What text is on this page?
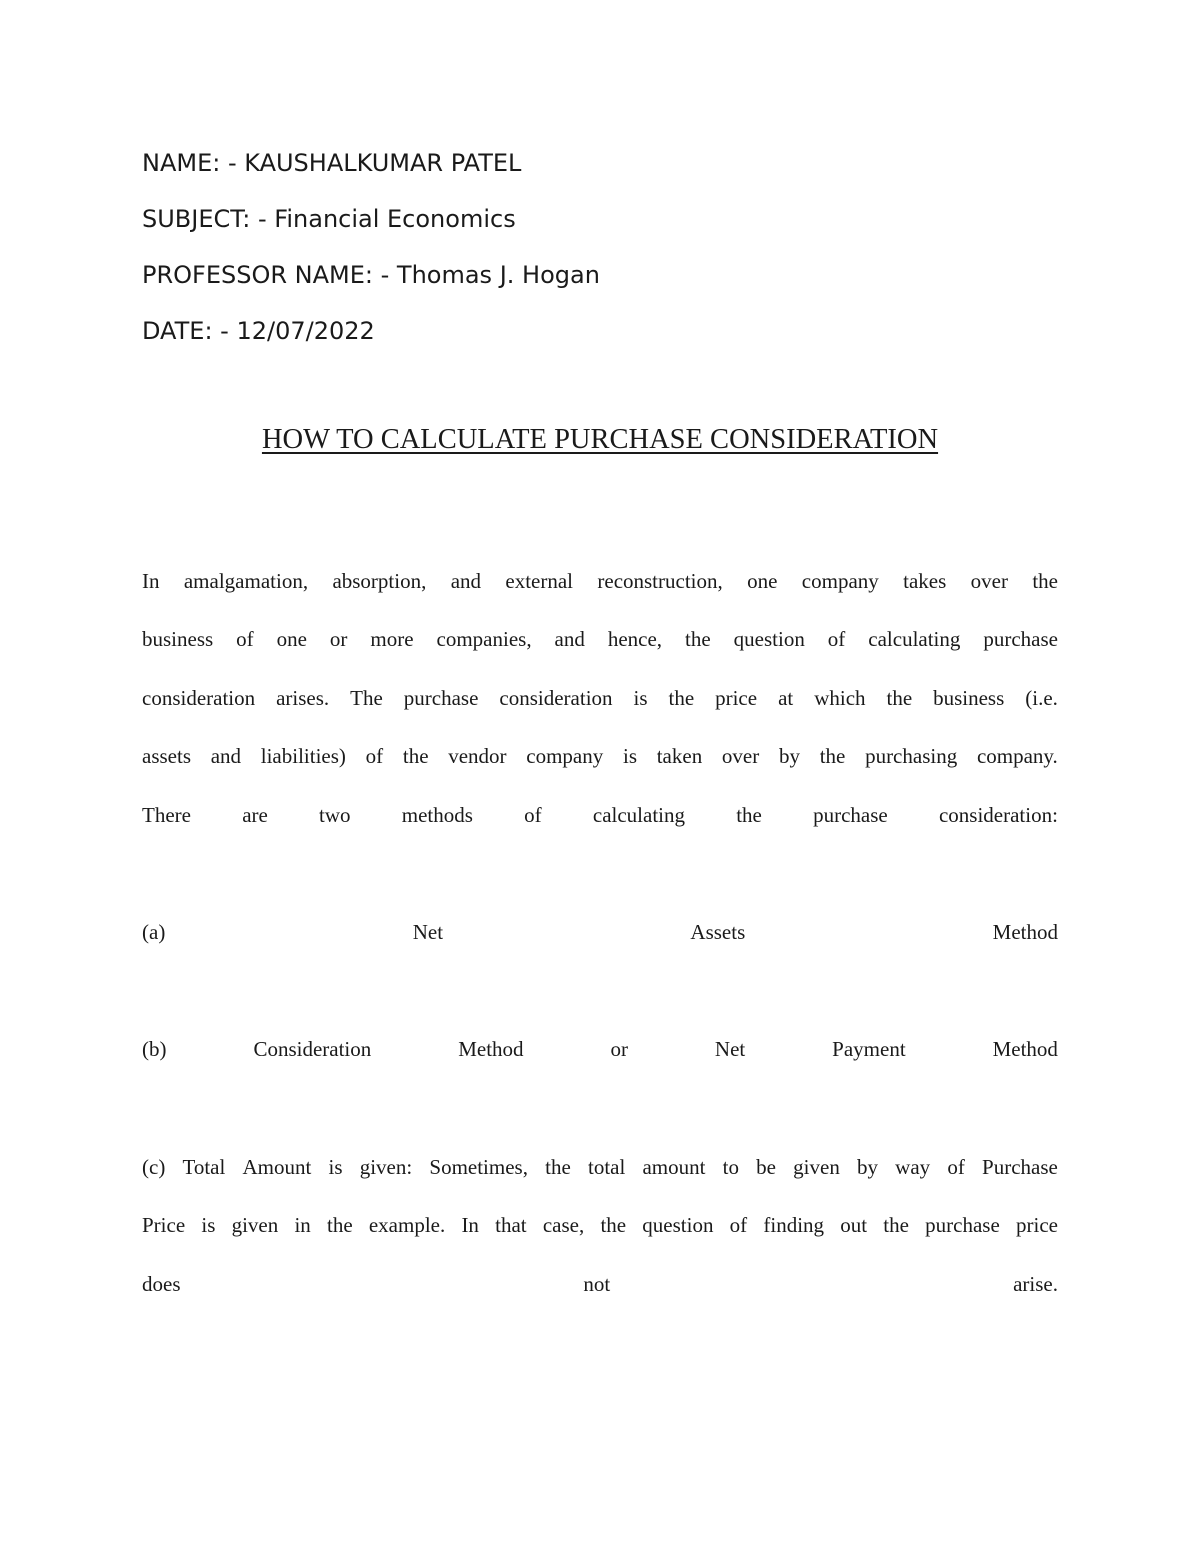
NAME: - KAUSHALKUMAR PATEL
SUBJECT: - Financial Economics
PROFESSOR NAME: - Thomas J. Hogan
DATE: - 12/07/2022
HOW TO CALCULATE PURCHASE CONSIDERATION
In amalgamation, absorption, and external reconstruction, one company takes over the
business of one or more companies, and hence, the question of calculating purchase
consideration arises. The purchase consideration is the price at which the business (i.e.
assets and liabilities) of the vendor company is taken over by the purchasing company.
There are two methods of calculating the purchase consideration:
(a)	Net	Assets	Method
(b)	Consideration	Method	or	Net	Payment	Method
(c) Total Amount is given: Sometimes, the total amount to be given by way of Purchase
Price is given in the example. In that case, the question of finding out the purchase price
does	not	arise.
